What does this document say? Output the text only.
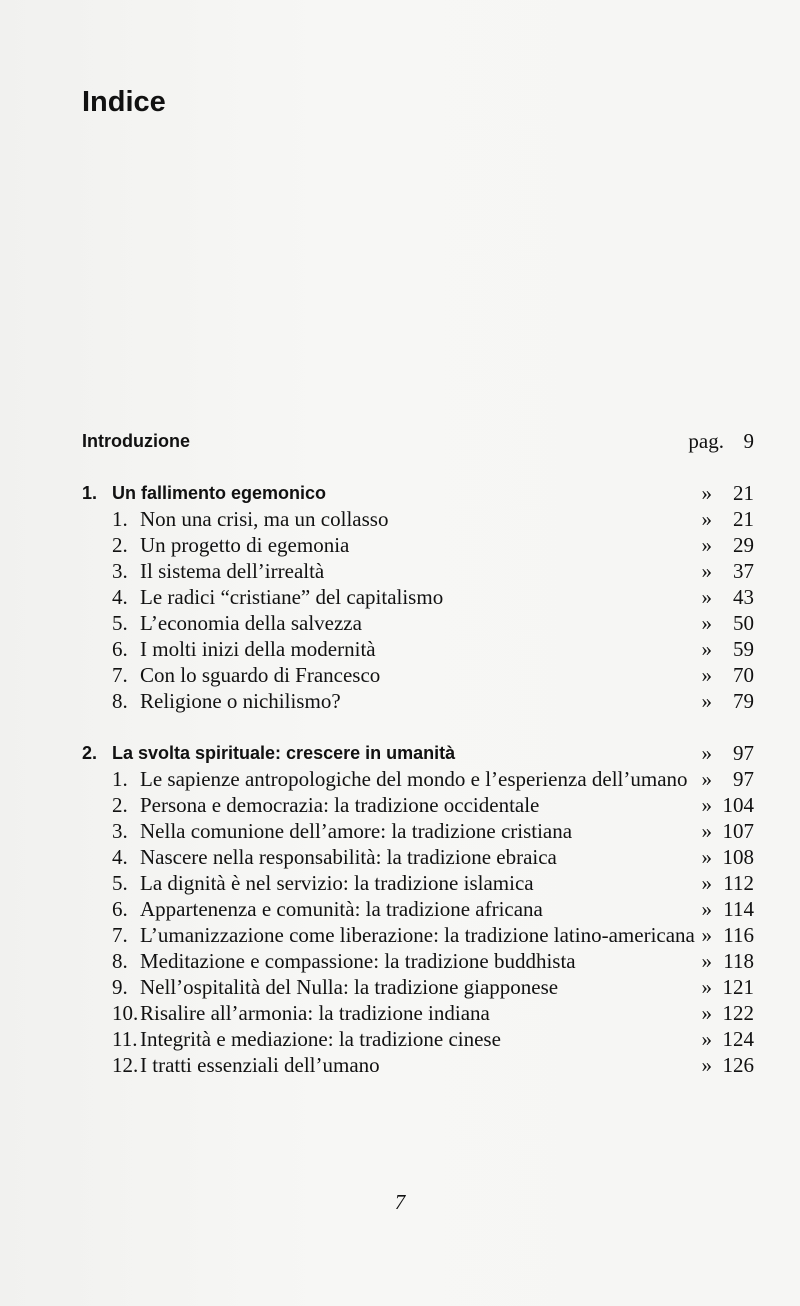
Indice
Introduzione	pag. 9
1. Un fallimento egemonico	» 21
1. Non una crisi, ma un collasso	» 21
2. Un progetto di egemonia	» 29
3. Il sistema dell’irrealtà	» 37
4. Le radici “cristiane” del capitalismo	» 43
5. L’economia della salvezza	» 50
6. I molti inizi della modernità	» 59
7. Con lo sguardo di Francesco	» 70
8. Religione o nichilismo?	» 79
2. La svolta spirituale: crescere in umanità	» 97
1. Le sapienze antropologiche del mondo e l’esperienza dell’umano » 97
2. Persona e democrazia: la tradizione occidentale	» 104
3. Nella comunione dell’amore: la tradizione cristiana	» 107
4. Nascere nella responsabilità: la tradizione ebraica	» 108
5. La dignità è nel servizio: la tradizione islamica	» 112
6. Appartenenza e comunità: la tradizione africana	» 114
7. L’umanizzazione come liberazione: la tradizione latino-americana » 116
8. Meditazione e compassione: la tradizione buddhista	» 118
9. Nell’ospitalità del Nulla: la tradizione giapponese	» 121
10. Risalire all’armonia: la tradizione indiana	» 122
11. Integrità e mediazione: la tradizione cinese	» 124
12. I tratti essenziali dell’umano	» 126
7
